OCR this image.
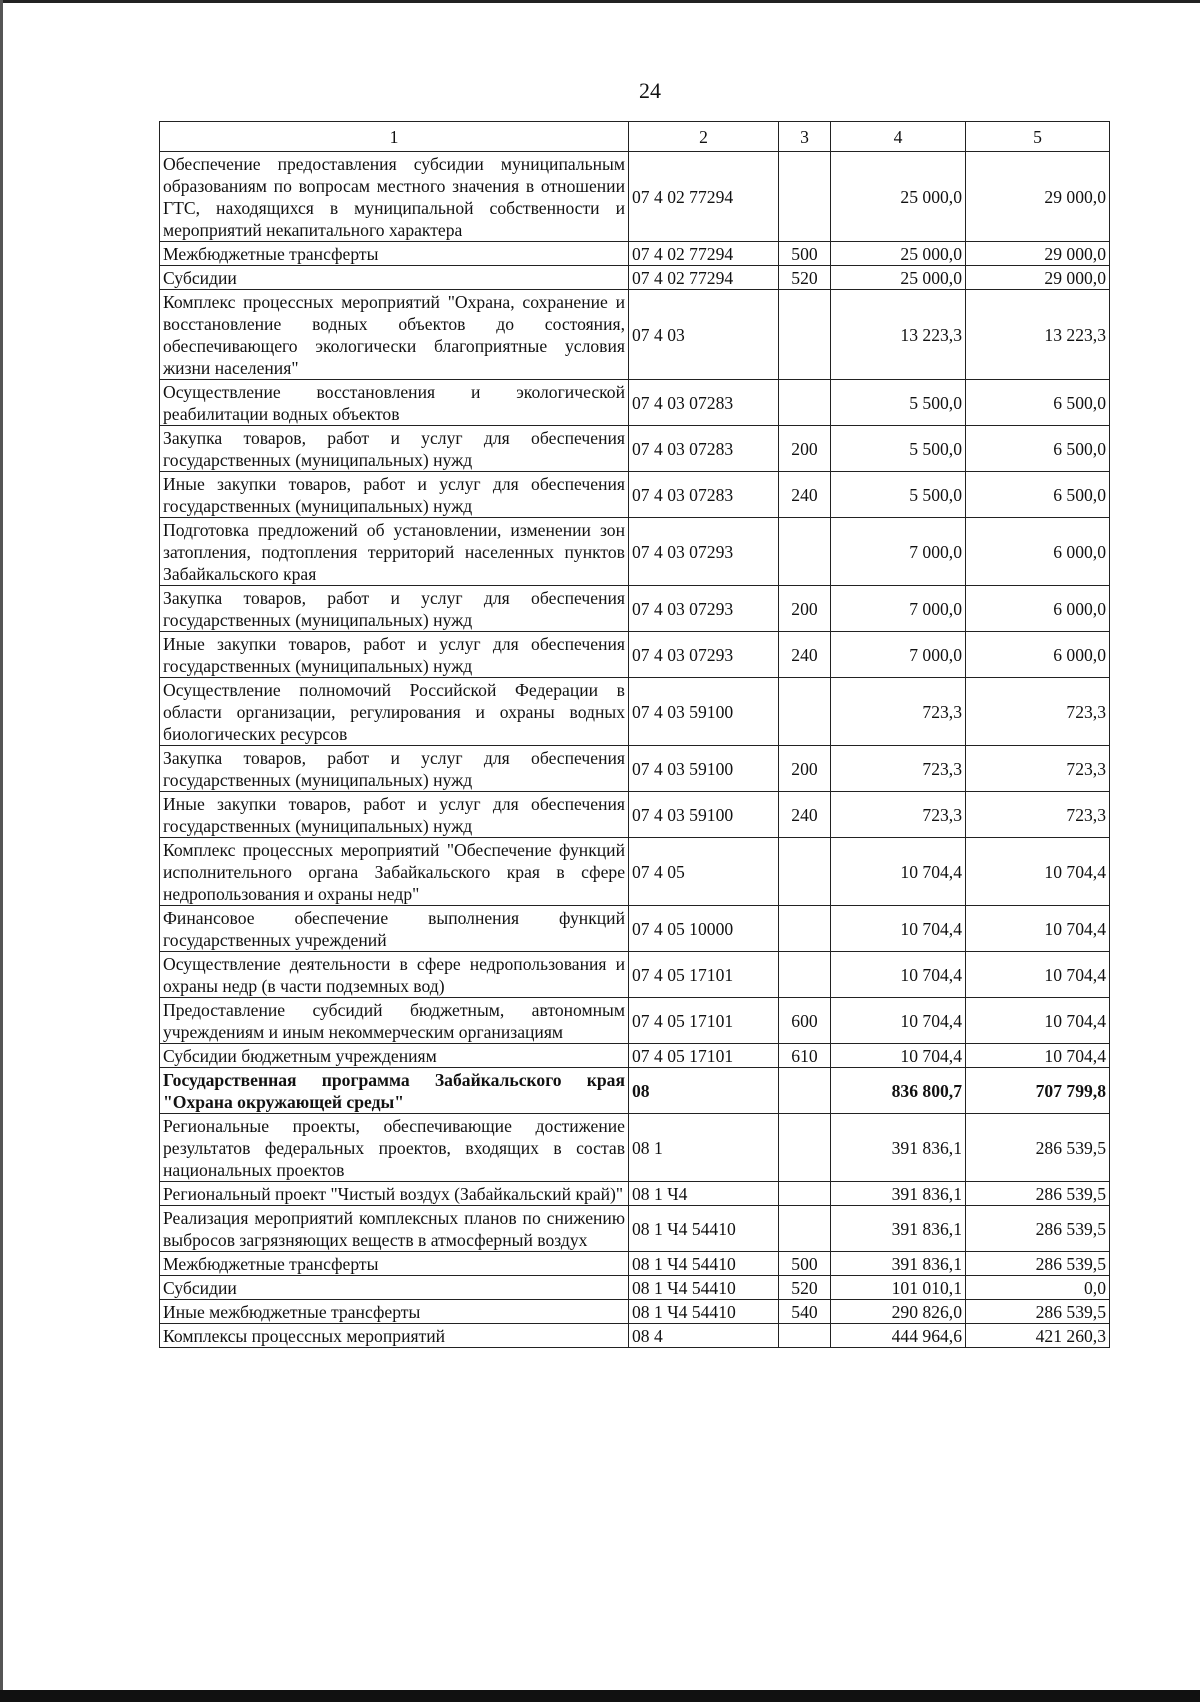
24
1	2	3	4	5
Обеспечение предоставления субсидии муниципальным образованиям по вопросам местного значения в отношении ГТС, находящихся в муниципальной собственности и мероприятий некапитального характера	07 4 02 77294		25 000,0	29 000,0
Межбюджетные трансферты	07 4 02 77294	500	25 000,0	29 000,0
Субсидии	07 4 02 77294	520	25 000,0	29 000,0
Комплекс процессных мероприятий "Охрана, сохранение и восстановление водных объектов до состояния, обеспечивающего экологически благоприятные условия жизни населения"	07 4 03		13 223,3	13 223,3
Осуществление восстановления и экологической реабилитации водных объектов	07 4 03 07283		5 500,0	6 500,0
Закупка товаров, работ и услуг для обеспечения государственных (муниципальных) нужд	07 4 03 07283	200	5 500,0	6 500,0
Иные закупки товаров, работ и услуг для обеспечения государственных (муниципальных) нужд	07 4 03 07283	240	5 500,0	6 500,0
Подготовка предложений об установлении, изменении зон затопления, подтопления территорий населенных пунктов Забайкальского края	07 4 03 07293		7 000,0	6 000,0
Закупка товаров, работ и услуг для обеспечения государственных (муниципальных) нужд	07 4 03 07293	200	7 000,0	6 000,0
Иные закупки товаров, работ и услуг для обеспечения государственных (муниципальных) нужд	07 4 03 07293	240	7 000,0	6 000,0
Осуществление полномочий Российской Федерации в области организации, регулирования и охраны водных биологических ресурсов	07 4 03 59100		723,3	723,3
Закупка товаров, работ и услуг для обеспечения государственных (муниципальных) нужд	07 4 03 59100	200	723,3	723,3
Иные закупки товаров, работ и услуг для обеспечения государственных (муниципальных) нужд	07 4 03 59100	240	723,3	723,3
Комплекс процессных мероприятий "Обеспечение функций исполнительного органа Забайкальского края в сфере недропользования и охраны недр"	07 4 05		10 704,4	10 704,4
Финансовое обеспечение выполнения функций государственных учреждений	07 4 05 10000		10 704,4	10 704,4
Осуществление деятельности в сфере недропользования и охраны недр (в части подземных вод)	07 4 05 17101		10 704,4	10 704,4
Предоставление субсидий бюджетным, автономным учреждениям и иным некоммерческим организациям	07 4 05 17101	600	10 704,4	10 704,4
Субсидии бюджетным учреждениям	07 4 05 17101	610	10 704,4	10 704,4
Государственная программа Забайкальского края "Охрана окружающей среды"	08		836 800,7	707 799,8
Региональные проекты, обеспечивающие достижение результатов федеральных проектов, входящих в состав национальных проектов	08 1		391 836,1	286 539,5
Региональный проект "Чистый воздух (Забайкальский край)"	08 1 Ч4		391 836,1	286 539,5
Реализация мероприятий комплексных планов по снижению выбросов загрязняющих веществ в атмосферный воздух	08 1 Ч4 54410		391 836,1	286 539,5
Межбюджетные трансферты	08 1 Ч4 54410	500	391 836,1	286 539,5
Субсидии	08 1 Ч4 54410	520	101 010,1	0,0
Иные межбюджетные трансферты	08 1 Ч4 54410	540	290 826,0	286 539,5
Комплексы процессных мероприятий	08 4		444 964,6	421 260,3
